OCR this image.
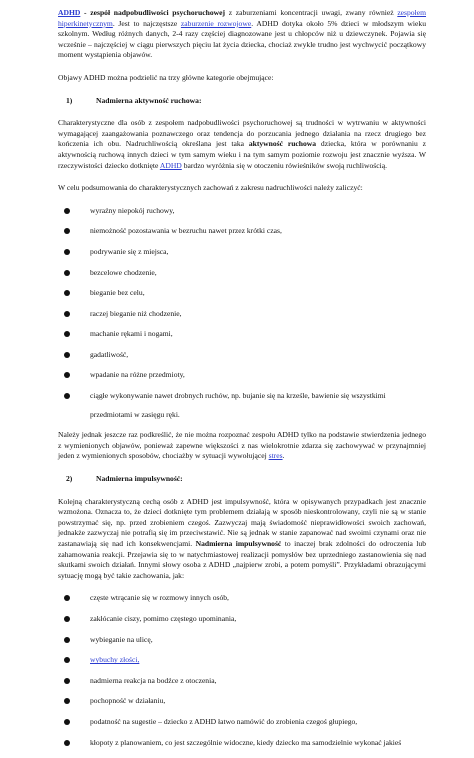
ADHD - zespół nadpobudliwości psychoruchowej z zaburzeniami koncentracji uwagi, zwany również zespołem hiperkinetycznym. Jest to najczęstsze zaburzenie rozwojowe. ADHD dotyka około 5% dzieci w młodszym wieku szkolnym. Według różnych danych, 2-4 razy częściej diagnozowane jest u chłopców niż u dziewczynek. Pojawia się wcześnie – najczęściej w ciągu pierwszych pięciu lat życia dziecka, chociaż zwykle trudno jest wychwycić początkowy moment wystąpienia objawów.

Objawy ADHD można podzielić na trzy główne kategorie obejmujące:

1)	Nadmierna aktywność ruchowa:

Charakterystyczne dla osób z zespołem nadpobudliwości psychoruchowej są trudności w wytrwaniu w aktywności wymagającej zaangażowania poznawczego oraz tendencja do porzucania jednego działania na rzecz drugiego bez kończenia ich obu. Nadruchliwością określana jest taka aktywność ruchowa dziecka, która w porównaniu z aktywnością ruchową innych dzieci w tym samym wieku i na tym samym poziomie rozwoju jest znacznie wyższa. W rzeczywistości dziecko dotknięte ADHD bardzo wyróżnia się w otoczeniu rówieśników swoją ruchliwością.

W celu podsumowania do charakterystycznych zachowań z zakresu nadruchliwości należy zaliczyć:

wyraźny niepokój ruchowy,
niemożność pozostawania w bezruchu nawet przez krótki czas,
podrywanie się z miejsca,
bezcelowe chodzenie,
bieganie bez celu,
raczej bieganie niż chodzenie,
machanie rękami i nogami,
gadatliwość,
wpadanie na różne przedmioty,
ciągłe wykonywanie nawet drobnych ruchów, np. bujanie się na krześle, bawienie się wszystkimi
przedmiotami w zasięgu ręki.

Należy jednak jeszcze raz podkreślić, że nie można rozpoznać zespołu ADHD tylko na podstawie stwierdzenia jednego z wymienionych objawów, ponieważ zapewne większości z nas wielokrotnie zdarza się zachowywać w przynajmniej jeden z wymienionych sposobów, chociażby w sytuacji wywołującej stres.

2)	Nadmierna impulsywność:

Kolejną charakterystyczną cechą osób z ADHD jest impulsywność, która w opisywanych przypadkach jest znacznie wzmożona. Oznacza to, że dzieci dotknięte tym problemem działają w sposób nieskontrolowany, czyli nie są w stanie powstrzymać się, np. przed zrobieniem czegoś. Zazwyczaj mają świadomość nieprawidłowości swoich zachowań, jednakże zazwyczaj nie potrafią się im przeciwstawić. Nie są jednak w stanie zapanować nad swoimi czynami oraz nie zastanawiają się nad ich konsekwencjami. Nadmierna impulsywność to inaczej brak zdolności do odroczenia lub zahamowania reakcji. Przejawia się to w natychmiastowej realizacji pomysłów bez uprzedniego zastanowienia się nad skutkami swoich działań. Innymi słowy osoba z ADHD „najpierw zrobi, a potem pomyśli”. Przykładami obrazującymi sytuację mogą być takie zachowania, jak:

częste wtrącanie się w rozmowy innych osób,
zakłócanie ciszy, pomimo częstego upominania,
wybieganie na ulicę,
wybuchy złości,
nadmierna reakcja na bodźce z otoczenia,
pochopność w działaniu,
podatność na sugestie – dziecko z ADHD łatwo namówić do zrobienia czegoś głupiego,
kłopoty z planowaniem, co jest szczególnie widoczne, kiedy dziecko ma samodzielnie wykonać jakieś
